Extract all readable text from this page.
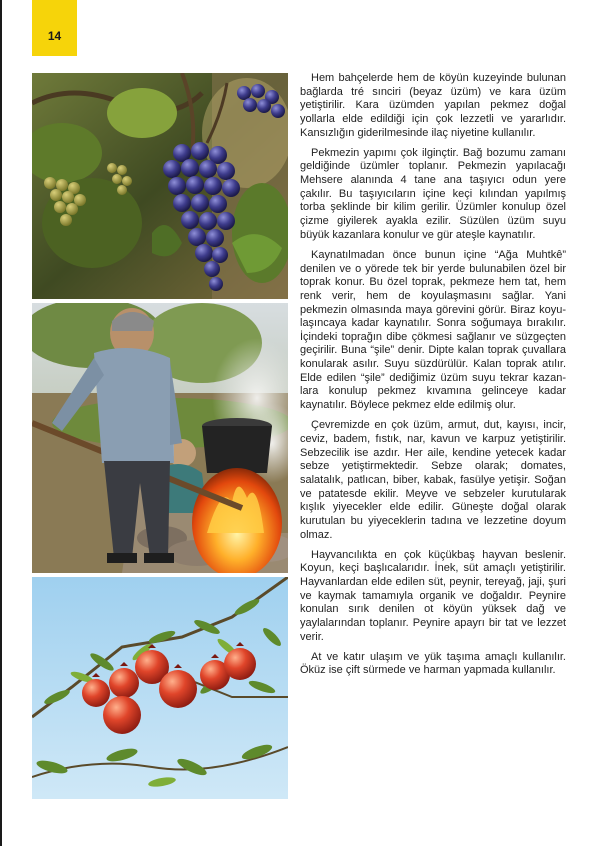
14

Hem bahçelerde hem de köyün kuzeyinde bulunan bağlarda tré sınciri (beyaz üzüm) ve kara üzüm yetiştirilir. Kara üzümden yapılan pekmez doğal yollarla elde edildiği için çok lezzetli ve yararlıdır. Kansızlığın giderilmesinde ilaç niyetine kullanılır.

Pekmezin yapımı çok ilginçtir. Bağ bozumu zamanı geldiğinde üzümler toplanır. Pekmezin yapılacağı Mehsere alanında 4 tane ana taşıyıcı odun yere çakılır. Bu taşıyıcıların içine keçi kılından yapılmış torba şeklinde bir kilim gerilir. Üzümler konulup özel çizme giyilerek ayakla ezilir. Süzülen üzüm suyu büyük kazanlara konulur ve gür ateşle kaynatılır.

Kaynatılmadan önce bunun içine “Ağa Muhtkê” denilen ve o yörede tek bir yerde bulunabilen özel bir toprak konur. Bu özel toprak, pekmeze hem tat, hem renk verir, hem de koyulaşmasını sağlar. Yani pekmezin olmasında maya görevini görür. Biraz koyulaşıncaya kadar kaynatılır. Sonra soğumaya bırakılır. İçindeki toprağın dibe çökmesi sağlanır ve süzgeçten geçirilir. Buna “şile” denir. Dipte kalan toprak çuvallara konularak asılır. Suyu süzdürülür. Kalan toprak atılır. Elde edilen “şile” dediğimiz üzüm suyu tekrar kazanlara konulup pekmez kıvamına gelinceye kadar kaynatılır. Böylece pekmez elde edilmiş olur.

Çevremizde en çok üzüm, armut, dut, kayısı, incir, ceviz, badem, fıstık, nar, kavun ve karpuz yetiştirilir. Sebzecilik ise azdır. Her aile, kendine yetecek kadar sebze yetiştirmektedir. Sebze olarak; domates, salatalık, patlıcan, biber, kabak, fasülye yetişir. Soğan ve patatesde ekilir. Meyve ve sebzeler kurutularak kışlık yiyecekler elde edilir. Güneşte doğal olarak kurutulan bu yiyeceklerin tadına ve lezzetine doyum olmaz.

Hayvancılıkta en çok küçükbaş hayvan beslenir. Koyun, keçi başlıcalarıdır. İnek, süt amaçlı yetiştirilir. Hayvanlardan elde edilen süt, peynir, tereyağ, jaji, şuri ve kaymak tamamıyla organik ve doğaldır. Peynire konulan sırık denilen ot köyün yüksek dağ ve yaylalarından toplanır. Peynire apayrı bir tat ve lezzet verir.

At ve katır ulaşım ve yük taşıma amaçlı kullanılır. Öküz ise çift sürmede ve harman yapmada kullanılır.
